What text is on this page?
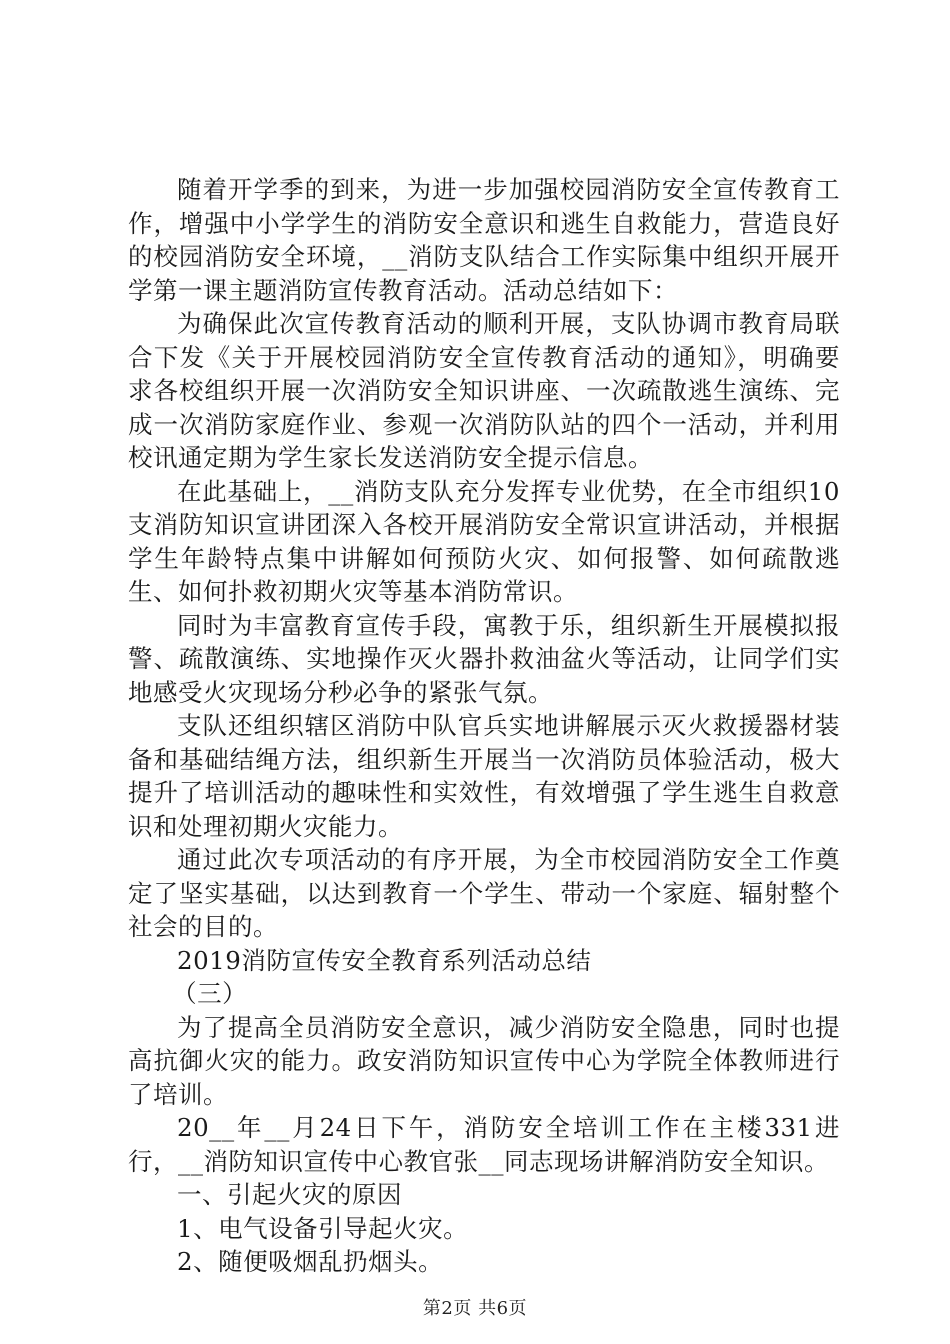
随着开学季的到来，为进一步加强校园消防安全宣传教育工作，增强中小学学生的消防安全意识和逃生自救能力，营造良好的校园消防安全环境，__消防支队结合工作实际集中组织开展开学第一课主题消防宣传教育活动。活动总结如下：

为确保此次宣传教育活动的顺利开展，支队协调市教育局联合下发《关于开展校园消防安全宣传教育活动的通知》，明确要求各校组织开展一次消防安全知识讲座、一次疏散逃生演练、完成一次消防家庭作业、参观一次消防队站的四个一活动，并利用校讯通定期为学生家长发送消防安全提示信息。

在此基础上，__消防支队充分发挥专业优势，在全市组织10支消防知识宣讲团深入各校开展消防安全常识宣讲活动，并根据学生年龄特点集中讲解如何预防火灾、如何报警、如何疏散逃生、如何扑救初期火灾等基本消防常识。

同时为丰富教育宣传手段，寓教于乐，组织新生开展模拟报警、疏散演练、实地操作灭火器扑救油盆火等活动，让同学们实地感受火灾现场分秒必争的紧张气氛。

支队还组织辖区消防中队官兵实地讲解展示灭火救援器材装备和基础结绳方法，组织新生开展当一次消防员体验活动，极大提升了培训活动的趣味性和实效性，有效增强了学生逃生自救意识和处理初期火灾能力。

通过此次专项活动的有序开展，为全市校园消防安全工作奠定了坚实基础，以达到教育一个学生、带动一个家庭、辐射整个社会的目的。

2019消防宣传安全教育系列活动总结

（三）

为了提高全员消防安全意识，减少消防安全隐患，同时也提高抗御火灾的能力。政安消防知识宣传中心为学院全体教师进行了培训。

20__年__月24日下午，消防安全培训工作在主楼331进行，__消防知识宣传中心教官张__同志现场讲解消防安全知识。

一、引起火灾的原因

1、电气设备引导起火灾。

2、随便吸烟乱扔烟头。

第2页 共6页
